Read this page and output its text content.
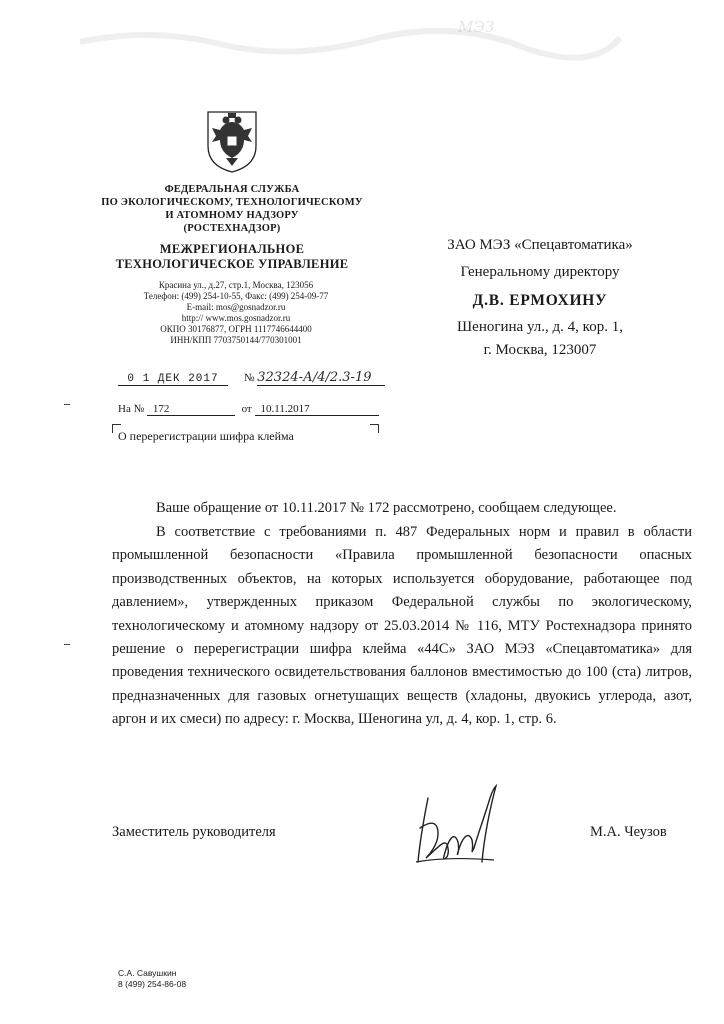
МЭЗ
ФЕДЕРАЛЬНАЯ СЛУЖБА
ПО ЭКОЛОГИЧЕСКОМУ, ТЕХНОЛОГИЧЕСКОМУ
И АТОМНОМУ НАДЗОРУ
(РОСТЕХНАДЗОР)
МЕЖРЕГИОНАЛЬНОЕ
ТЕХНОЛОГИЧЕСКОЕ УПРАВЛЕНИЕ
Красина ул., д.27, стр.1, Москва, 123056
Телефон: (499) 254-10-55, Факс: (499) 254-09-77
E-mail: mos@gosnadzor.ru
http:// www.mos.gosnadzor.ru
ОКПО 30176877, ОГРН 1117746644400
ИНН/КПП 7703750144/770301001
0 1 ДЕК 2017	№ 32324-А/4/2.3-19
На № 172	от 10.11.2017
О перерегистрации шифра клейма
ЗАО МЭЗ «Спецавтоматика»
Генеральному директору
Д.В. ЕРМОХИНУ
Шеногина ул., д. 4, кор. 1,
г. Москва, 123007
Ваше обращение от 10.11.2017 № 172 рассмотрено, сообщаем следующее.
В соответствие с требованиями п. 487 Федеральных норм и правил в области промышленной безопасности «Правила промышленной безопасности опасных производственных объектов, на которых используется оборудование, работающее под давлением», утвержденных приказом Федеральной службы по экологическому, технологическому и атомному надзору от 25.03.2014 № 116, МТУ Ростехнадзора принято решение о перерегистрации шифра клейма «44С» ЗАО МЭЗ «Спецавтоматика» для проведения технического освидетельствования баллонов вместимостью до 100 (ста) литров, предназначенных для газовых огнетушащих веществ (хладоны, двуокись углерода, азот, аргон и их смеси) по адресу: г. Москва, Шеногина ул, д. 4, кор. 1, стр. 6.
Заместитель руководителя	М.А. Чеузов
С.А. Савушкин
8 (499) 254-86-08
